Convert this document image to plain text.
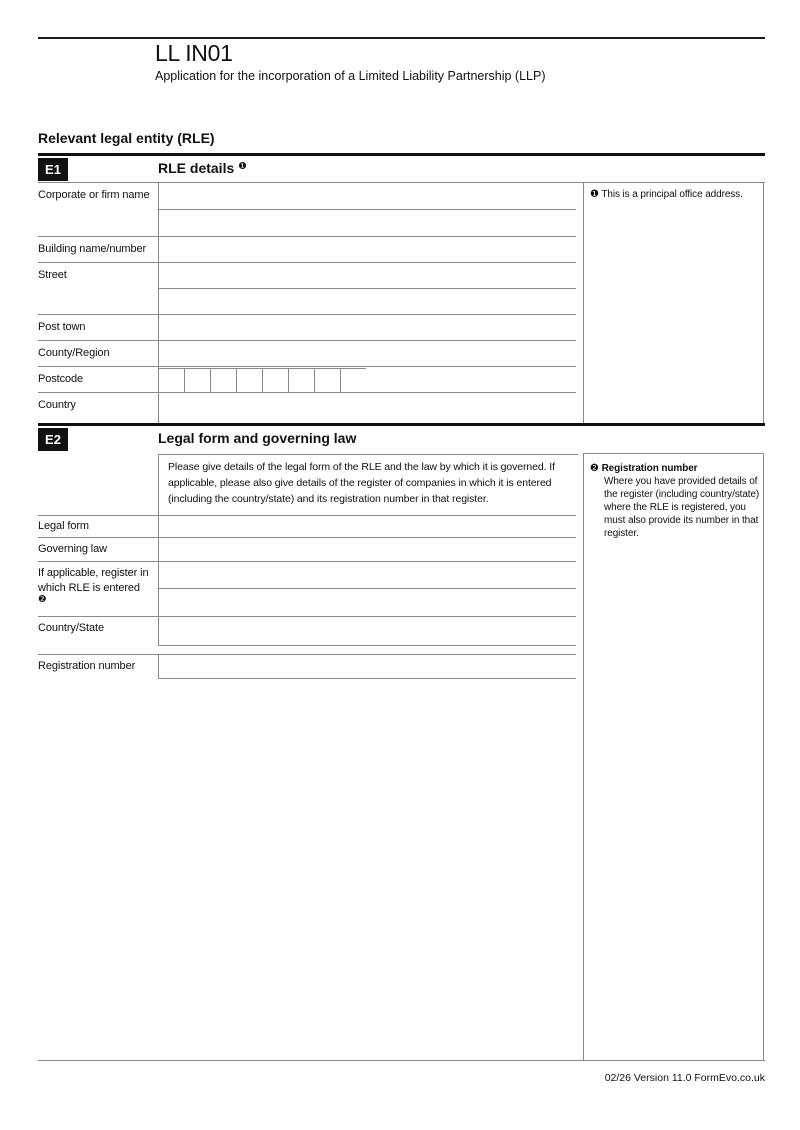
LL IN01
Application for the incorporation of a Limited Liability Partnership (LLP)
Relevant legal entity (RLE)
E1	RLE details $^❶$
Corporate or firm name
Building name/number
Street
Post town
County/Region
Postcode
Country
❶ This is a principal office address.
E2	Legal form and governing law
Please give details of the legal form of the RLE and the law by which it is governed. If applicable, please also give details of the register of companies in which it is entered (including the country/state) and its registration number in that register.
Legal form
Governing law
If applicable, register in which RLE is entered ❷
Country/State
Registration number
❷ Registration number
Where you have provided details of the register (including country/state) where the RLE is registered, you must also provide its number in that register.
02/26 Version 11.0 FormEvo.co.uk
